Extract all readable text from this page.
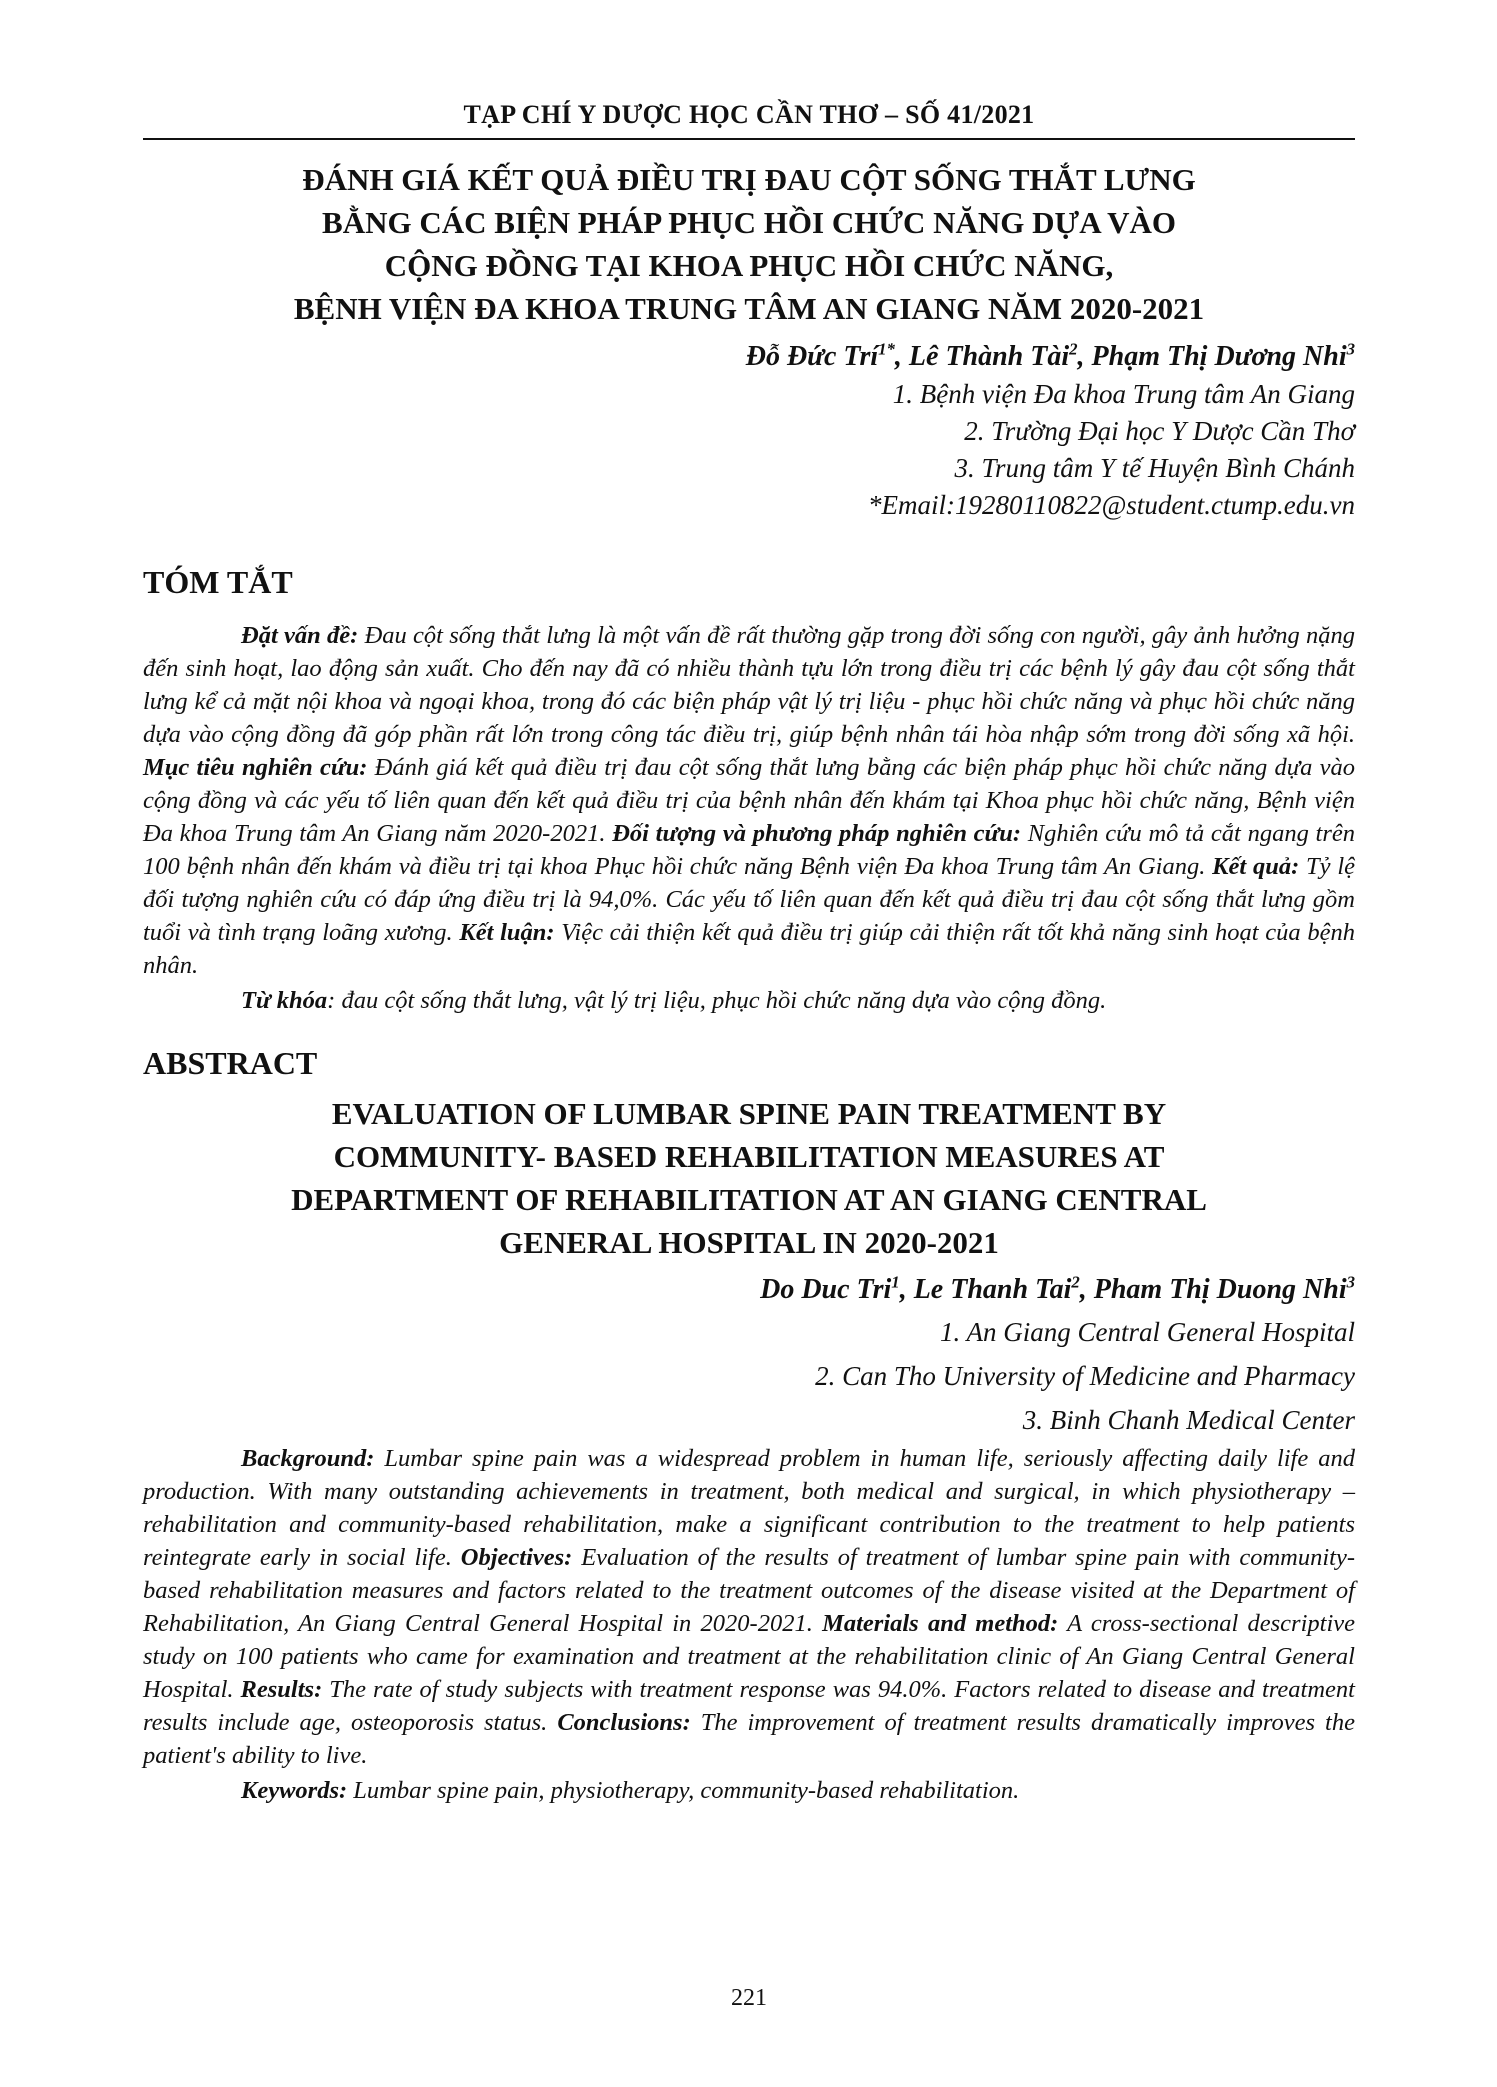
TẠP CHÍ Y DƯỢC HỌC CẦN THƠ – SỐ 41/2021
ĐÁNH GIÁ KẾT QUẢ ĐIỀU TRỊ ĐAU CỘT SỐNG THẮT LƯNG
BẰNG CÁC BIỆN PHÁP PHỤC HỒI CHỨC NĂNG DỰA VÀO
CỘNG ĐỒNG TẠI KHOA PHỤC HỒI CHỨC NĂNG,
BỆNH VIỆN ĐA KHOA TRUNG TÂM AN GIANG NĂM 2020-2021
Đỗ Đức Trí$^{1*}$, Lê Thành Tài$^2$, Phạm Thị Dương Nhi$^3$
1. Bệnh viện Đa khoa Trung tâm An Giang
2. Trường Đại học Y Dược Cần Thơ
3. Trung tâm Y tế Huyện Bình Chánh
*Email:19280110822@student.ctump.edu.vn
TÓM TẮT

Đặt vấn đề: Đau cột sống thắt lưng là một vấn đề rất thường gặp trong đời sống con người, gây ảnh hưởng nặng đến sinh hoạt, lao động sản xuất. Cho đến nay đã có nhiều thành tựu lớn trong điều trị các bệnh lý gây đau cột sống thắt lưng kể cả mặt nội khoa và ngoại khoa, trong đó các biện pháp vật lý trị liệu - phục hồi chức năng và phục hồi chức năng dựa vào cộng đồng đã góp phần rất lớn trong công tác điều trị, giúp bệnh nhân tái hòa nhập sớm trong đời sống xã hội. Mục tiêu nghiên cứu: Đánh giá kết quả điều trị đau cột sống thắt lưng bằng các biện pháp phục hồi chức năng dựa vào cộng đồng và các yếu tố liên quan đến kết quả điều trị của bệnh nhân đến khám tại Khoa phục hồi chức năng, Bệnh viện Đa khoa Trung tâm An Giang năm 2020-2021. Đối tượng và phương pháp nghiên cứu: Nghiên cứu mô tả cắt ngang trên 100 bệnh nhân đến khám và điều trị tại khoa Phục hồi chức năng Bệnh viện Đa khoa Trung tâm An Giang. Kết quả: Tỷ lệ đối tượng nghiên cứu có đáp ứng điều trị là 94,0%. Các yếu tố liên quan đến kết quả điều trị đau cột sống thắt lưng gồm tuổi và tình trạng loãng xương. Kết luận: Việc cải thiện kết quả điều trị giúp cải thiện rất tốt khả năng sinh hoạt của bệnh nhân.

Từ khóa: đau cột sống thắt lưng, vật lý trị liệu, phục hồi chức năng dựa vào cộng đồng.

ABSTRACT
EVALUATION OF LUMBAR SPINE PAIN TREATMENT BY
COMMUNITY- BASED REHABILITATION MEASURES AT
DEPARTMENT OF REHABILITATION AT AN GIANG CENTRAL
GENERAL HOSPITAL IN 2020-2021
Do Duc Tri$^1$, Le Thanh Tai$^2$, Pham Thị Duong Nhi$^3$
1. An Giang Central General Hospital
2. Can Tho University of Medicine and Pharmacy
3. Binh Chanh Medical Center

Background: Lumbar spine pain was a widespread problem in human life, seriously affecting daily life and production. With many outstanding achievements in treatment, both medical and surgical, in which physiotherapy – rehabilitation and community-based rehabilitation, make a significant contribution to the treatment to help patients reintegrate early in social life. Objectives: Evaluation of the results of treatment of lumbar spine pain with community-based rehabilitation measures and factors related to the treatment outcomes of the disease visited at the Department of Rehabilitation, An Giang Central General Hospital in 2020-2021. Materials and method: A cross-sectional descriptive study on 100 patients who came for examination and treatment at the rehabilitation clinic of An Giang Central General Hospital. Results: The rate of study subjects with treatment response was 94.0%. Factors related to disease and treatment results include age, osteoporosis status. Conclusions: The improvement of treatment results dramatically improves the patient's ability to live.

Keywords: Lumbar spine pain, physiotherapy, community-based rehabilitation.

221
